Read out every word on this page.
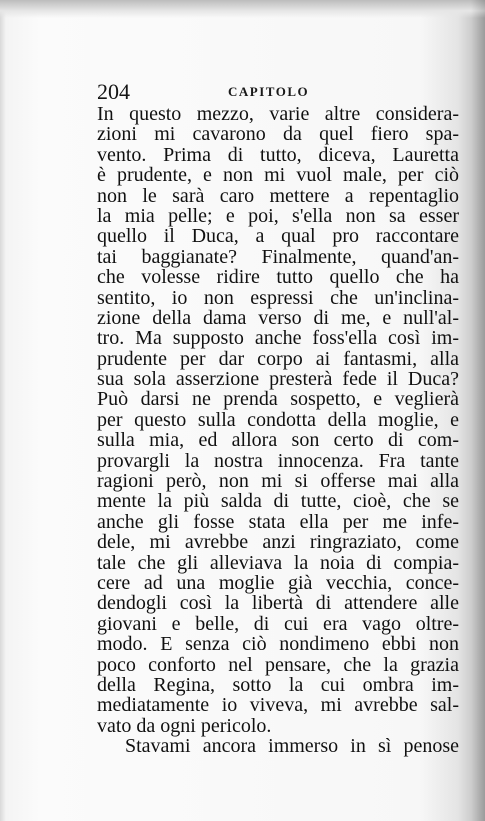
204	CAPITOLO
In questo mezzo, varie altre considera-
zioni mi cavarono da quel fiero spa-
vento. Prima di tutto, diceva, Lauretta
è prudente, e non mi vuol male, per ciò
non le sarà caro mettere a repentaglio
la mia pelle; e poi, s'ella non sa esser
quello il Duca, a qual pro raccontare
tai baggianate? Finalmente, quand'an-
che volesse ridire tutto quello che ha
sentito, io non espressi che un'inclina-
zione della dama verso di me, e null'al-
tro. Ma supposto anche foss'ella così im-
prudente per dar corpo ai fantasmi, alla
sua sola asserzione presterà fede il Duca?
Può darsi ne prenda sospetto, e veglierà
per questo sulla condotta della moglie, e
sulla mia, ed allora son certo di com-
provargli la nostra innocenza. Fra tante
ragioni però, non mi si offerse mai alla
mente la più salda di tutte, cioè, che se
anche gli fosse stata ella per me infe-
dele, mi avrebbe anzi ringraziato, come
tale che gli alleviava la noia di compia-
cere ad una moglie già vecchia, conce-
dendogli così la libertà di attendere alle
giovani e belle, di cui era vago oltre-
modo. E senza ciò nondimeno ebbi non
poco conforto nel pensare, che la grazia
della Regina, sotto la cui ombra im-
mediatamente io viveva, mi avrebbe sal-
vato da ogni pericolo.
Stavami ancora immerso in sì penose
